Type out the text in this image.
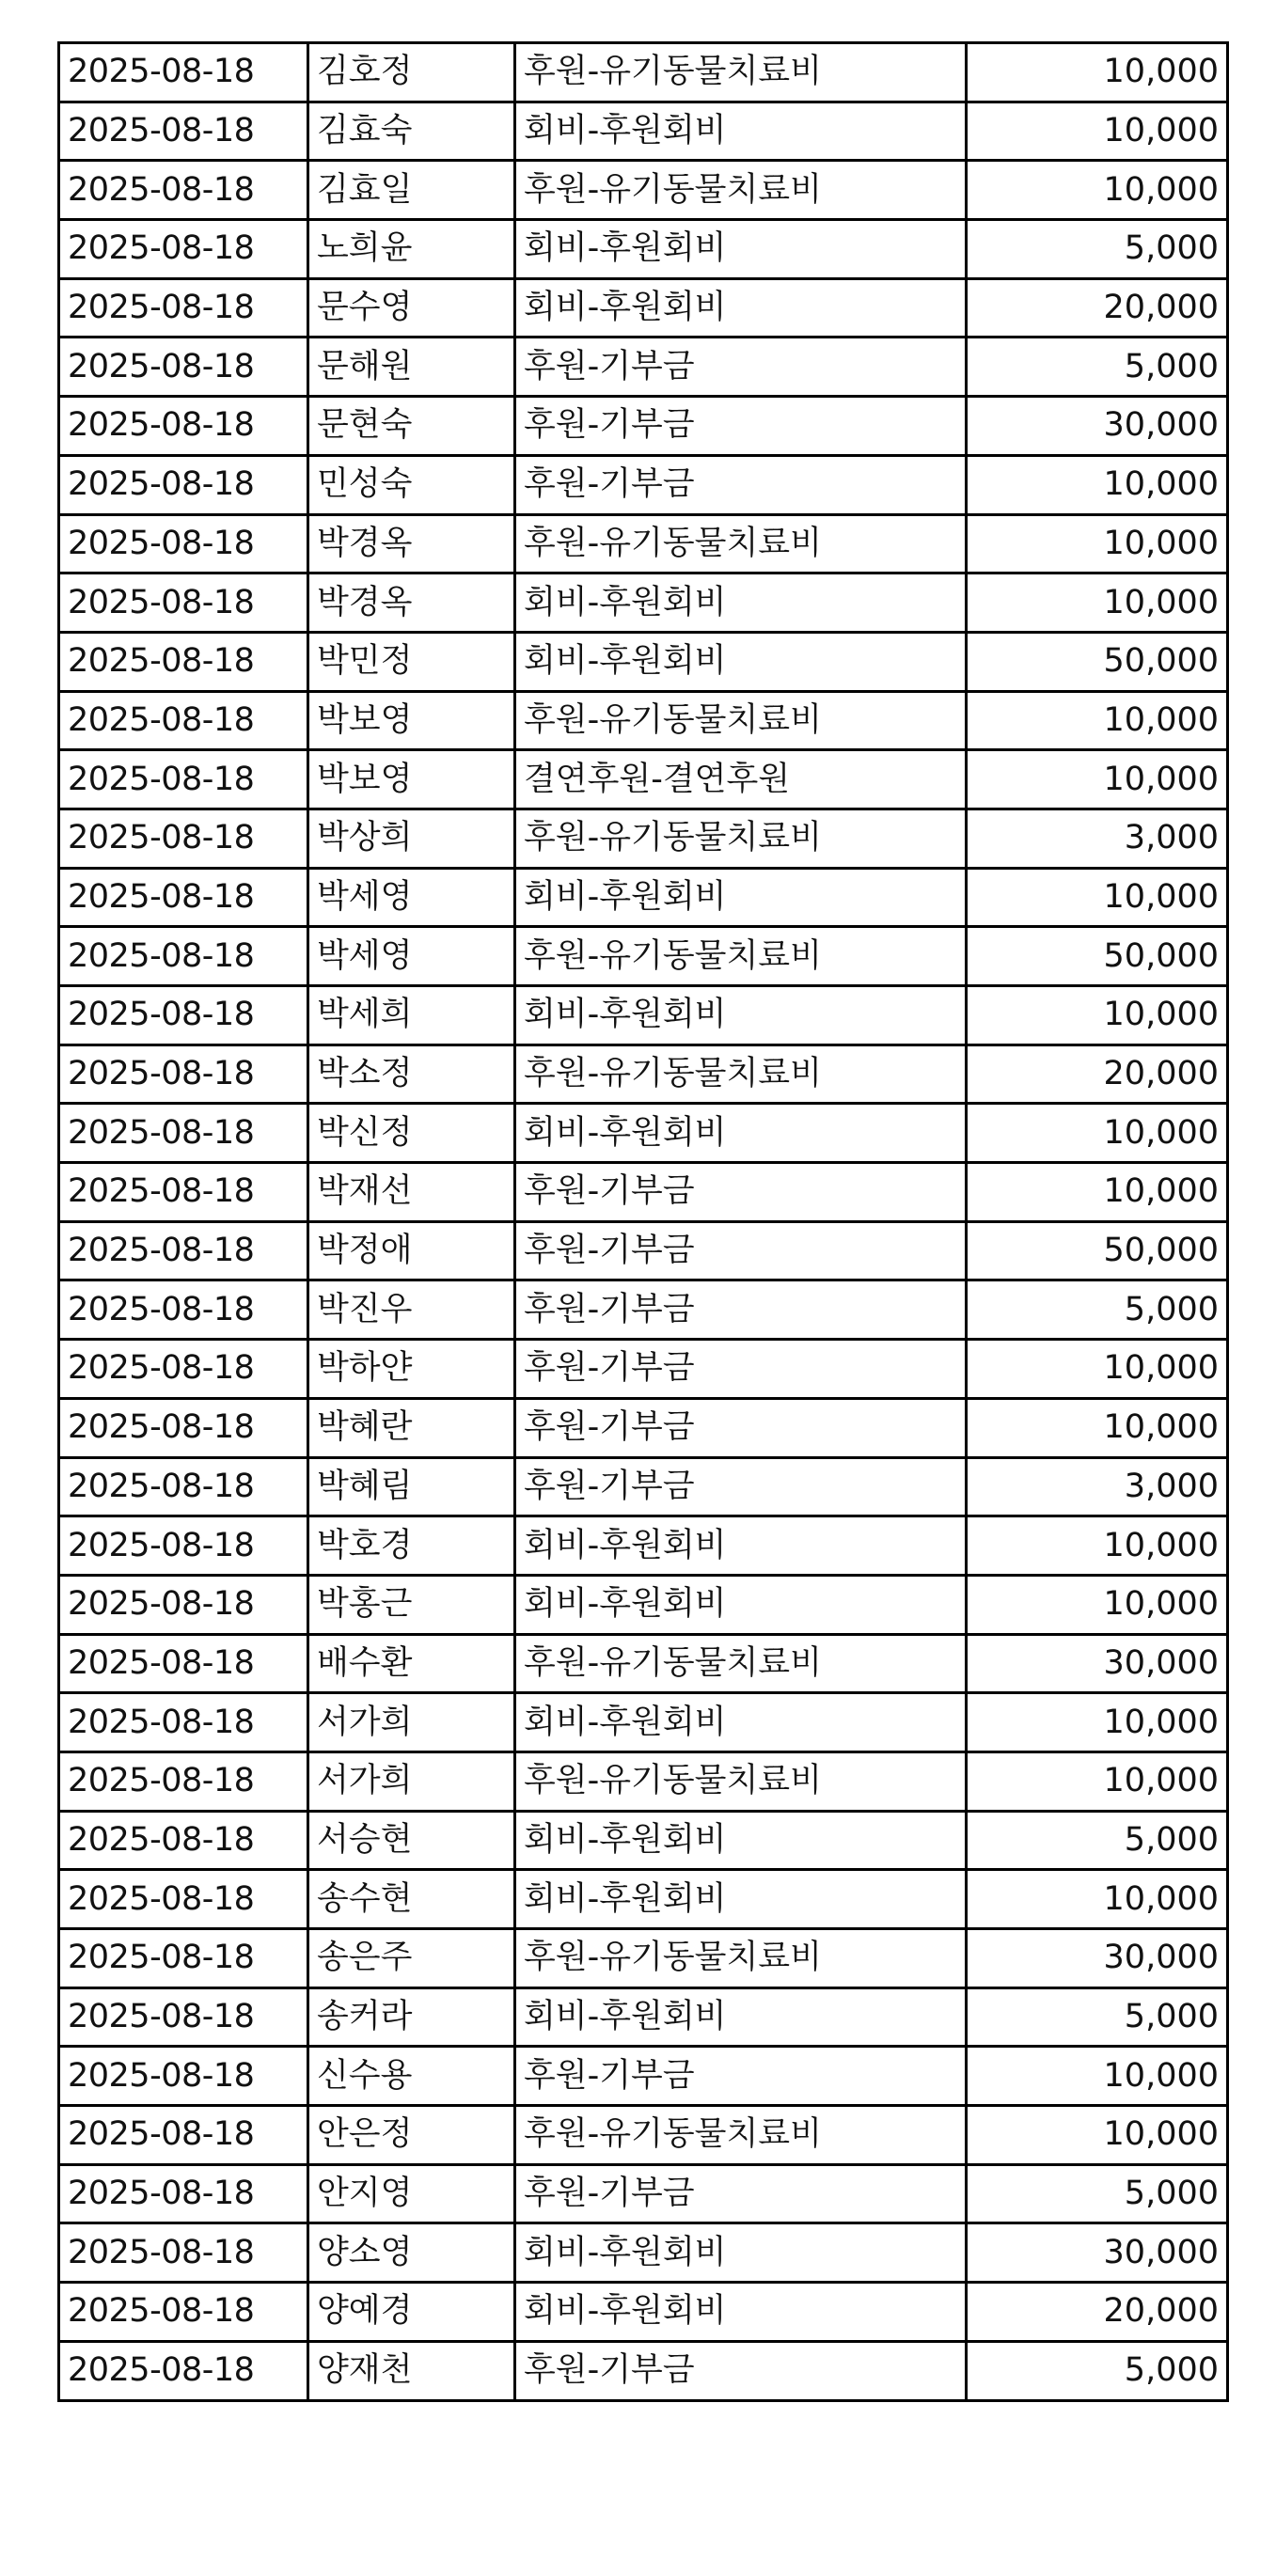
2025-08-18	김호정	후원-유기동물치료비	10,000
2025-08-18	김효숙	회비-후원회비	10,000
2025-08-18	김효일	후원-유기동물치료비	10,000
2025-08-18	노희윤	회비-후원회비	5,000
2025-08-18	문수영	회비-후원회비	20,000
2025-08-18	문해원	후원-기부금	5,000
2025-08-18	문현숙	후원-기부금	30,000
2025-08-18	민성숙	후원-기부금	10,000
2025-08-18	박경옥	후원-유기동물치료비	10,000
2025-08-18	박경옥	회비-후원회비	10,000
2025-08-18	박민정	회비-후원회비	50,000
2025-08-18	박보영	후원-유기동물치료비	10,000
2025-08-18	박보영	결연후원-결연후원	10,000
2025-08-18	박상희	후원-유기동물치료비	3,000
2025-08-18	박세영	회비-후원회비	10,000
2025-08-18	박세영	후원-유기동물치료비	50,000
2025-08-18	박세희	회비-후원회비	10,000
2025-08-18	박소정	후원-유기동물치료비	20,000
2025-08-18	박신정	회비-후원회비	10,000
2025-08-18	박재선	후원-기부금	10,000
2025-08-18	박정애	후원-기부금	50,000
2025-08-18	박진우	후원-기부금	5,000
2025-08-18	박하얀	후원-기부금	10,000
2025-08-18	박혜란	후원-기부금	10,000
2025-08-18	박혜림	후원-기부금	3,000
2025-08-18	박호경	회비-후원회비	10,000
2025-08-18	박홍근	회비-후원회비	10,000
2025-08-18	배수환	후원-유기동물치료비	30,000
2025-08-18	서가희	회비-후원회비	10,000
2025-08-18	서가희	후원-유기동물치료비	10,000
2025-08-18	서승현	회비-후원회비	5,000
2025-08-18	송수현	회비-후원회비	10,000
2025-08-18	송은주	후원-유기동물치료비	30,000
2025-08-18	송커라	회비-후원회비	5,000
2025-08-18	신수용	후원-기부금	10,000
2025-08-18	안은정	후원-유기동물치료비	10,000
2025-08-18	안지영	후원-기부금	5,000
2025-08-18	양소영	회비-후원회비	30,000
2025-08-18	양예경	회비-후원회비	20,000
2025-08-18	양재천	후원-기부금	5,000
